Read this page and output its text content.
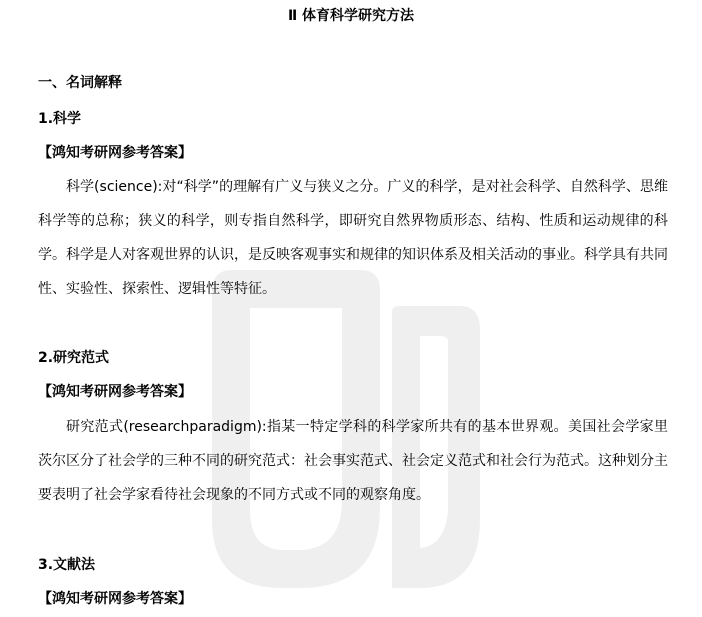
Ⅱ 体育科学研究方法
一、名词解释
1.科学
【鸿知考研网参考答案】

科学(science):对“科学”的理解有广义与狭义之分。广义的科学，是对社会科学、自然科学、思维科学等的总称；狭义的科学，则专指自然科学，即研究自然界物质形态、结构、性质和运动规律的科学。科学是人对客观世界的认识，是反映客观事实和规律的知识体系及相关活动的事业。科学具有共同性、实验性、探索性、逻辑性等特征。

2.研究范式
【鸿知考研网参考答案】

研究范式(researchparadigm):指某一特定学科的科学家所共有的基本世界观。美国社会学家里茨尔区分了社会学的三种不同的研究范式：社会事实范式、社会定义范式和社会行为范式。这种划分主要表明了社会学家看待社会现象的不同方式或不同的观察角度。

3.文献法
【鸿知考研网参考答案】
